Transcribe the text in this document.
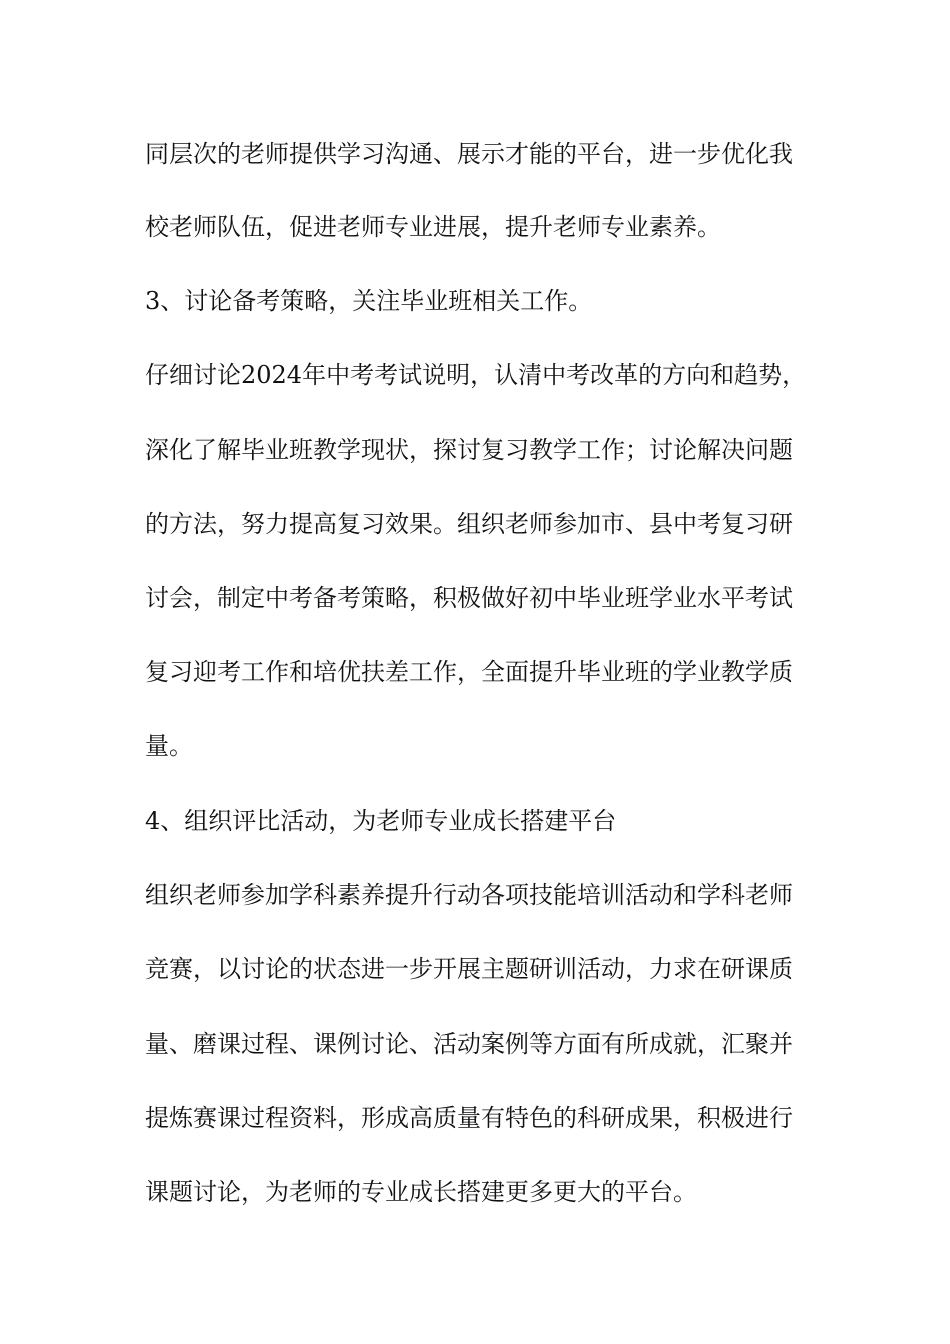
同层次的老师提供学习沟通、展示才能的平台，进一步优化我
校老师队伍，促进老师专业进展，提升老师专业素养。
3、讨论备考策略，关注毕业班相关工作。
仔细讨论2024年中考考试说明，认清中考改革的方向和趋势，
深化了解毕业班教学现状，探讨复习教学工作；讨论解决问题
的方法，努力提高复习效果。组织老师参加市、县中考复习研
讨会，制定中考备考策略，积极做好初中毕业班学业水平考试
复习迎考工作和培优扶差工作，全面提升毕业班的学业教学质
量。
4、组织评比活动，为老师专业成长搭建平台
组织老师参加学科素养提升行动各项技能培训活动和学科老师
竞赛，以讨论的状态进一步开展主题研训活动，力求在研课质
量、磨课过程、课例讨论、活动案例等方面有所成就，汇聚并
提炼赛课过程资料，形成高质量有特色的科研成果，积极进行
课题讨论，为老师的专业成长搭建更多更大的平台。
